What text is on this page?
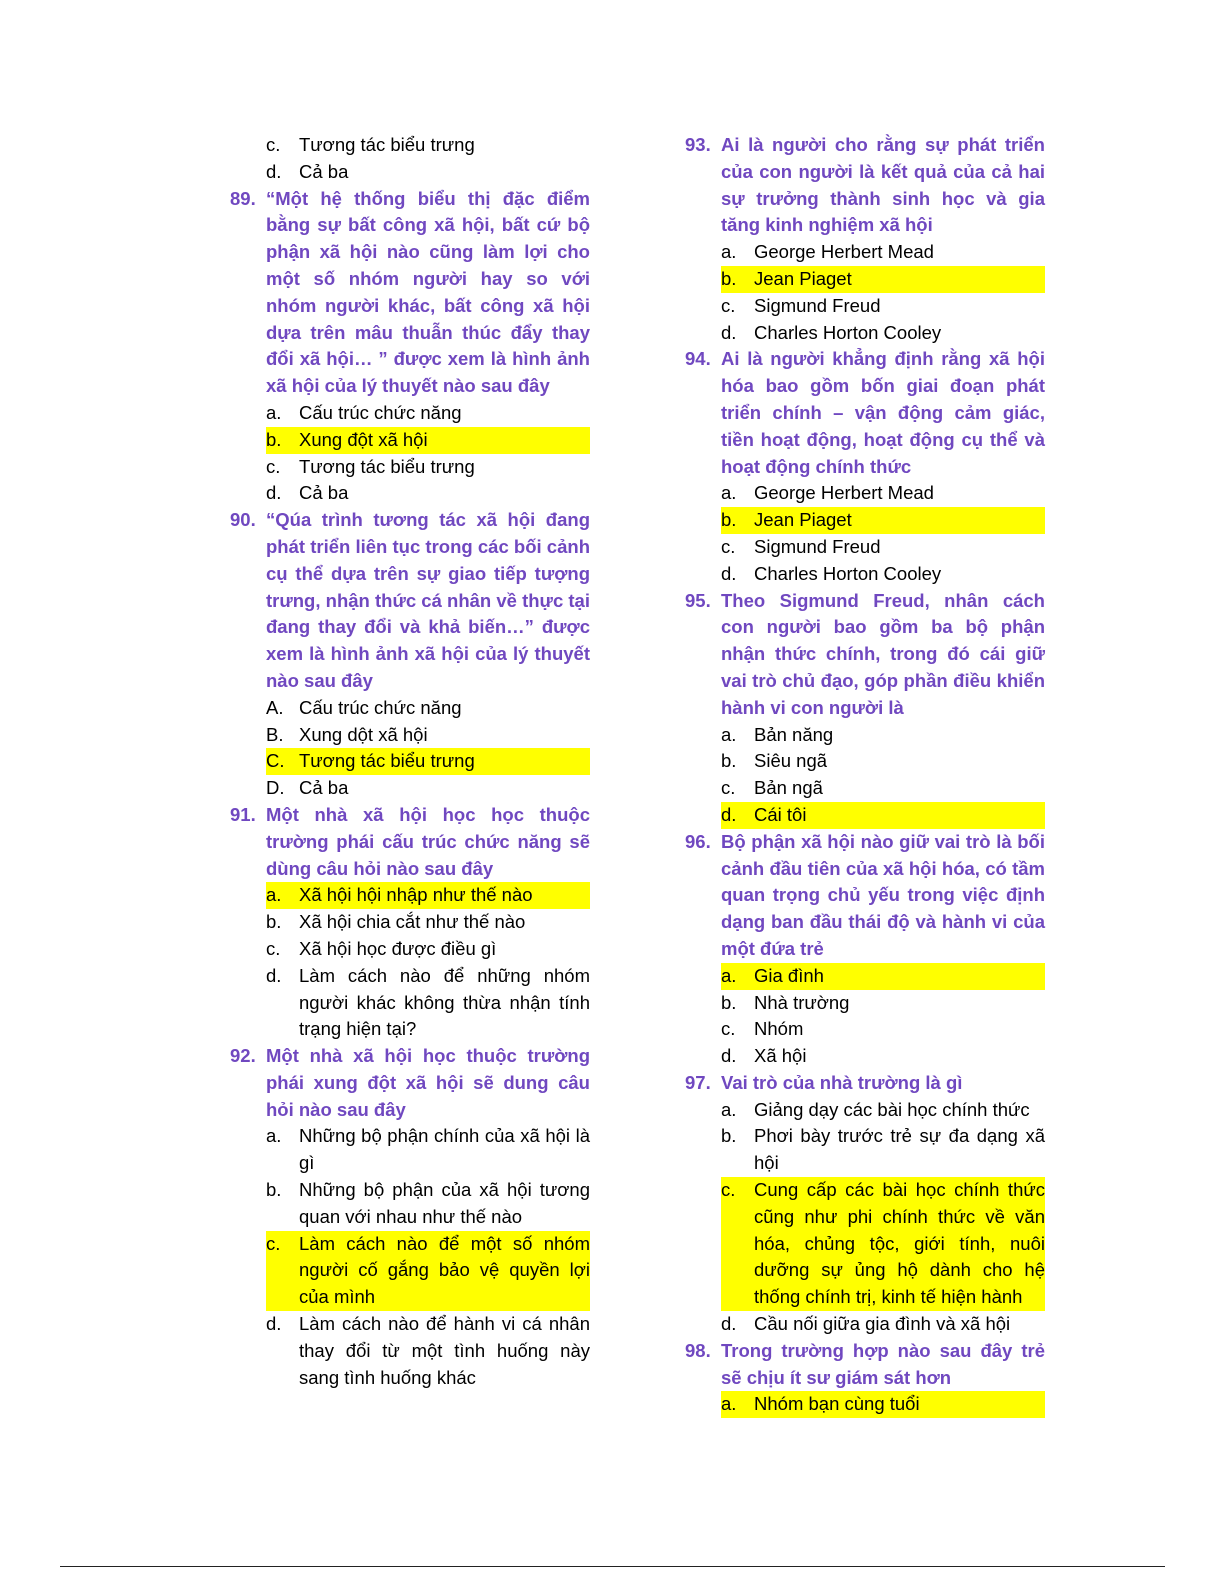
c. Tương tác biểu trưng
d. Cả ba
89. “Một hệ thống biểu thị đặc điểm bằng sự bất công xã hội, bất cứ bộ phận xã hội nào cũng làm lợi cho một số nhóm người hay so với nhóm người khác, bất công xã hội dựa trên mâu thuẫn thúc đẩy thay đổi xã hội… ” được xem là hình ảnh xã hội của lý thuyết nào sau đây
a. Cấu trúc chức năng
b. Xung đột xã hội
c. Tương tác biểu trưng
d. Cả ba
90. “Qúa trình tương tác xã hội đang phát triển liên tục trong các bối cảnh cụ thể dựa trên sự giao tiếp tượng trưng, nhận thức cá nhân về thực tại đang thay đổi và khả biến…” được xem là hình ảnh xã hội của lý thuyết nào sau đây
A. Cấu trúc chức năng
B. Xung dột xã hội
C. Tương tác biểu trưng
D. Cả ba
91. Một nhà xã hội học học thuộc trường phái cấu trúc chức năng sẽ dùng câu hỏi nào sau đây
a. Xã hội hội nhập như thế nào
b. Xã hội chia cắt như thế nào
c. Xã hội học được điều gì
d. Làm cách nào để những nhóm người khác không thừa nhận tính trạng hiện tại?
92. Một nhà xã hội học thuộc trường phái xung đột xã hội sẽ dung câu hỏi nào sau đây
a. Những bộ phận chính của xã hội là gì
b. Những bộ phận của xã hội tương quan với nhau như thế nào
c. Làm cách nào để một số nhóm người cố gắng bảo vệ quyền lợi của mình
d. Làm cách nào để hành vi cá nhân thay đổi từ một tình huống này sang tình huống khác
93. Ai là người cho rằng sự phát triển của con người là kết quả của cả hai sự trưởng thành sinh học và gia tăng kinh nghiệm xã hội
a. George Herbert Mead
b. Jean Piaget
c. Sigmund Freud
d. Charles Horton Cooley
94. Ai là người khẳng định rằng xã hội hóa bao gồm bốn giai đoạn phát triển chính – vận động cảm giác, tiền hoạt động, hoạt động cụ thể và hoạt động chính thức
a. George Herbert Mead
b. Jean Piaget
c. Sigmund Freud
d. Charles Horton Cooley
95. Theo Sigmund Freud, nhân cách con người bao gồm ba bộ phận nhận thức chính, trong đó cái giữ vai trò chủ đạo, góp phần điều khiển hành vi con người là
a. Bản năng
b. Siêu ngã
c. Bản ngã
d. Cái tôi
96. Bộ phận xã hội nào giữ vai trò là bối cảnh đầu tiên của xã hội hóa, có tầm quan trọng chủ yếu trong việc định dạng ban đầu thái độ và hành vi của một đứa trẻ
a. Gia đình
b. Nhà trường
c. Nhóm
d. Xã hội
97. Vai trò của nhà trường là gì
a. Giảng dạy các bài học chính thức
b. Phơi bày trước trẻ sự đa dạng xã hội
c. Cung cấp các bài học chính thức cũng như phi chính thức về văn hóa, chủng tộc, giới tính, nuôi dưỡng sự ủng hộ dành cho hệ thống chính trị, kinh tế hiện hành
d. Cầu nối giữa gia đình và xã hội
98. Trong trường hợp nào sau đây trẻ sẽ chịu ít sư giám sát hơn
a. Nhóm bạn cùng tuổi
